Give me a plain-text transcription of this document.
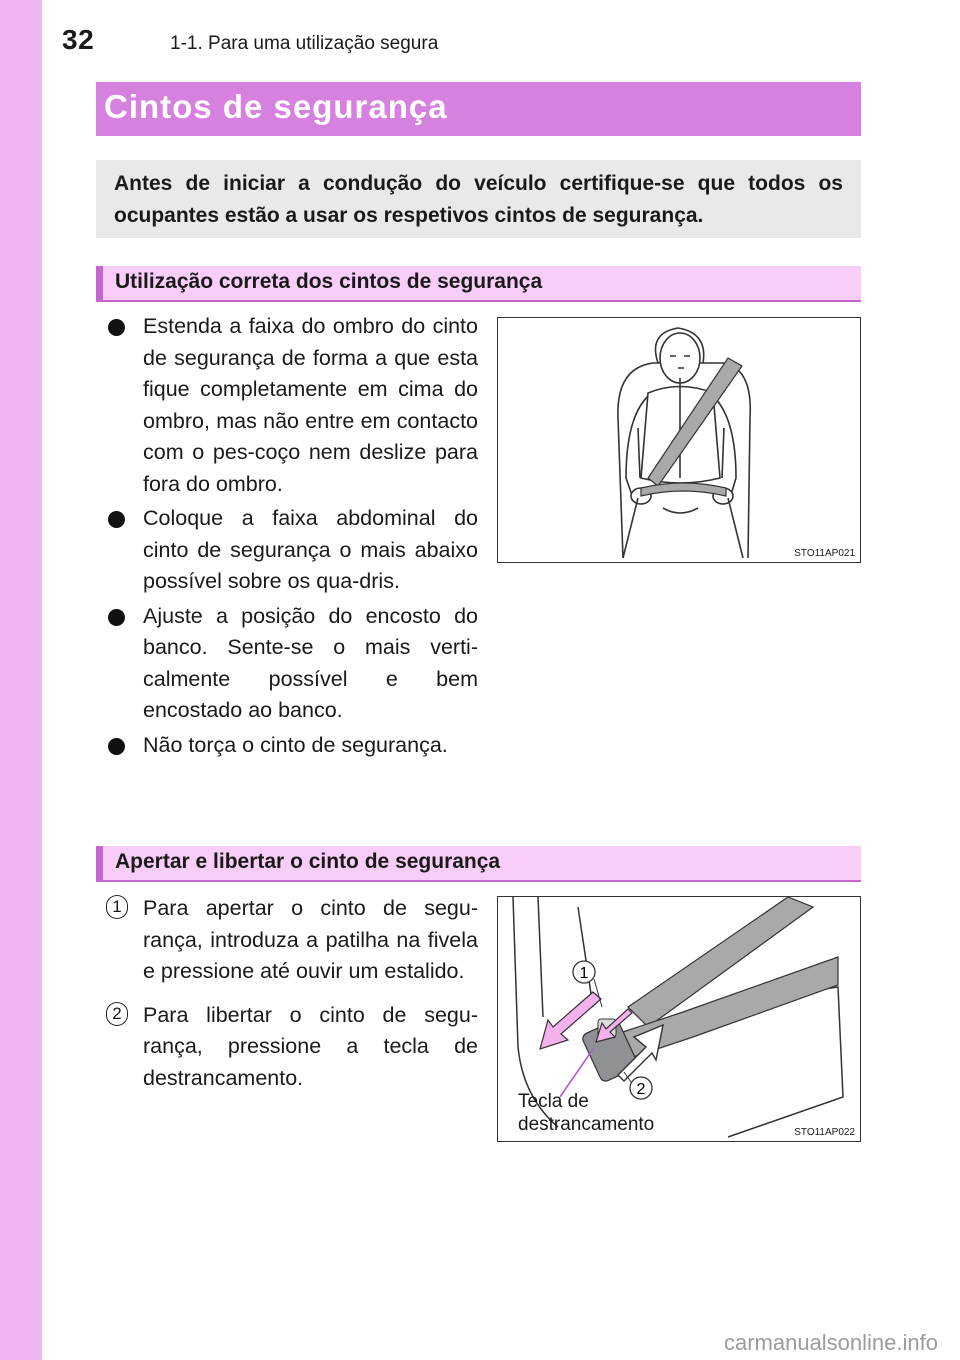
32	1-1. Para uma utilização segura
Cintos de segurança
Antes de iniciar a condução do veículo certifique-se que todos os ocupantes estão a usar os respetivos cintos de segurança.
Utilização correta dos cintos de segurança
Estenda a faixa do ombro do cinto de segurança de forma a que esta fique completamente em cima do ombro, mas não entre em contacto com o pes-coço nem deslize para fora do ombro.
Coloque a faixa abdominal do cinto de segurança o mais abaixo possível sobre os qua-dris.
Ajuste a posição do encosto do banco. Sente-se o mais verti-calmente possível e bem encostado ao banco.
Não torça o cinto de segurança.
STO11AP021
Apertar e libertar o cinto de segurança
1 Para apertar o cinto de segu-rança, introduza a patilha na fivela e pressione até ouvir um estalido.
2 Para libertar o cinto de segu-rança, pressione a tecla de destrancamento.
1
2
Tecla de destrancamento	STO11AP022
carmanualsonline.info
